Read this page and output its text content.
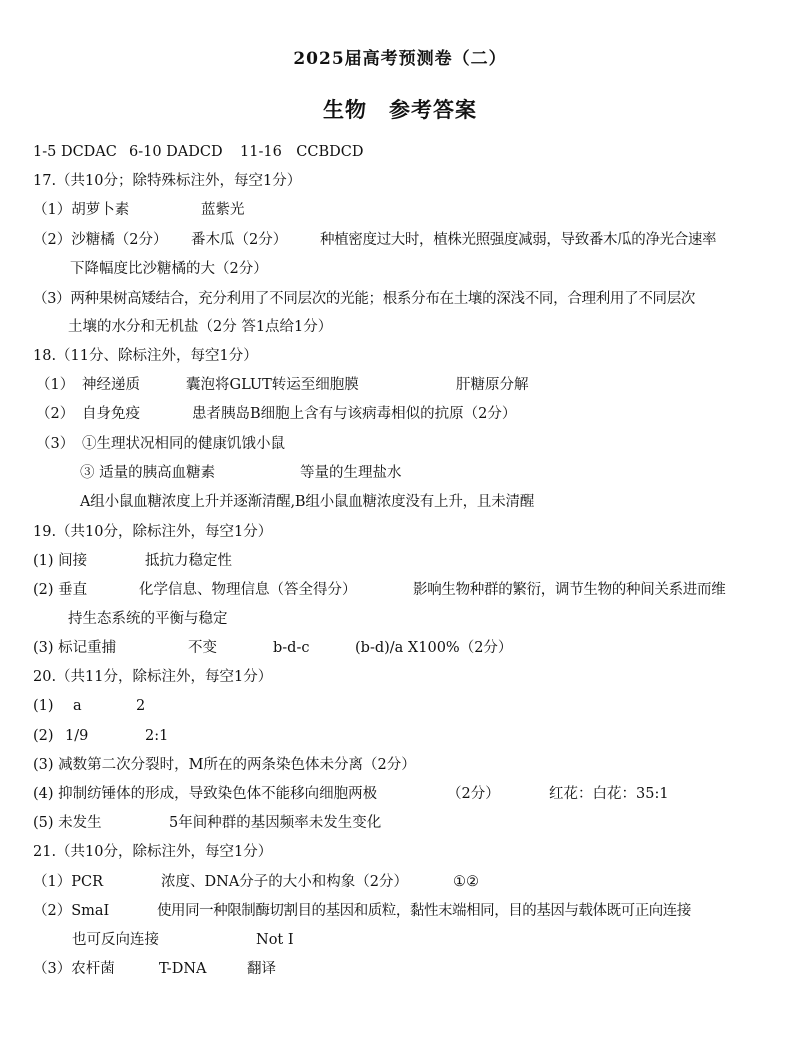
2025届高考预测卷（二）
生物　参考答案
1-5 DCDAC 6-10 DADCD 11-16　CCBDCD
17.（共10分；除特殊标注外，每空1分）
（1）胡萝卜素	蓝紫光
（2）沙糖橘（2分） 番木瓜（2分） 种植密度过大时，植株光照强度减弱，导致番木瓜的净光合速率
下降幅度比沙糖橘的大（2分）
（3）两种果树高矮结合，充分利用了不同层次的光能；根系分布在土壤的深浅不同，合理利用了不同层次
土壤的水分和无机盐（2分 答1点给1分）
18.（11分、除标注外，每空1分）
（1） 神经递质	囊泡将GLUT转运至细胞膜	肝糖原分解
（2） 自身免疫	患者胰岛B细胞上含有与该病毒相似的抗原（2分）
（3） ①生理状况相同的健康饥饿小鼠
③ 适量的胰高血糖素	等量的生理盐水
A组小鼠血糖浓度上升并逐渐清醒,B组小鼠血糖浓度没有上升，且未清醒
19.（共10分，除标注外，每空1分）
(1) 间接	抵抗力稳定性
(2) 垂直	化学信息、物理信息（答全得分）	影响生物种群的繁衍，调节生物的种间关系进而维
持生态系统的平衡与稳定
(3) 标记重捕	不变	b-d-c	(b-d)/a X100%（2分）
20.（共11分，除标注外，每空1分）
(1) a	2
(2) 1/9	2:1
(3) 减数第二次分裂时，M所在的两条染色体未分离（2分）
(4) 抑制纺锤体的形成，导致染色体不能移向细胞两极	（2分）	红花：白花：35:1
(5) 未发生	5年间种群的基因频率未发生变化
21.（共10分，除标注外，每空1分）
（1）PCR	浓度、DNA分子的大小和构象（2分）	①②
（2）SmaI	使用同一种限制酶切割目的基因和质粒，黏性末端相同，目的基因与载体既可正向连接
也可反向连接	Not I
（3）农杆菌	T-DNA	翻译
